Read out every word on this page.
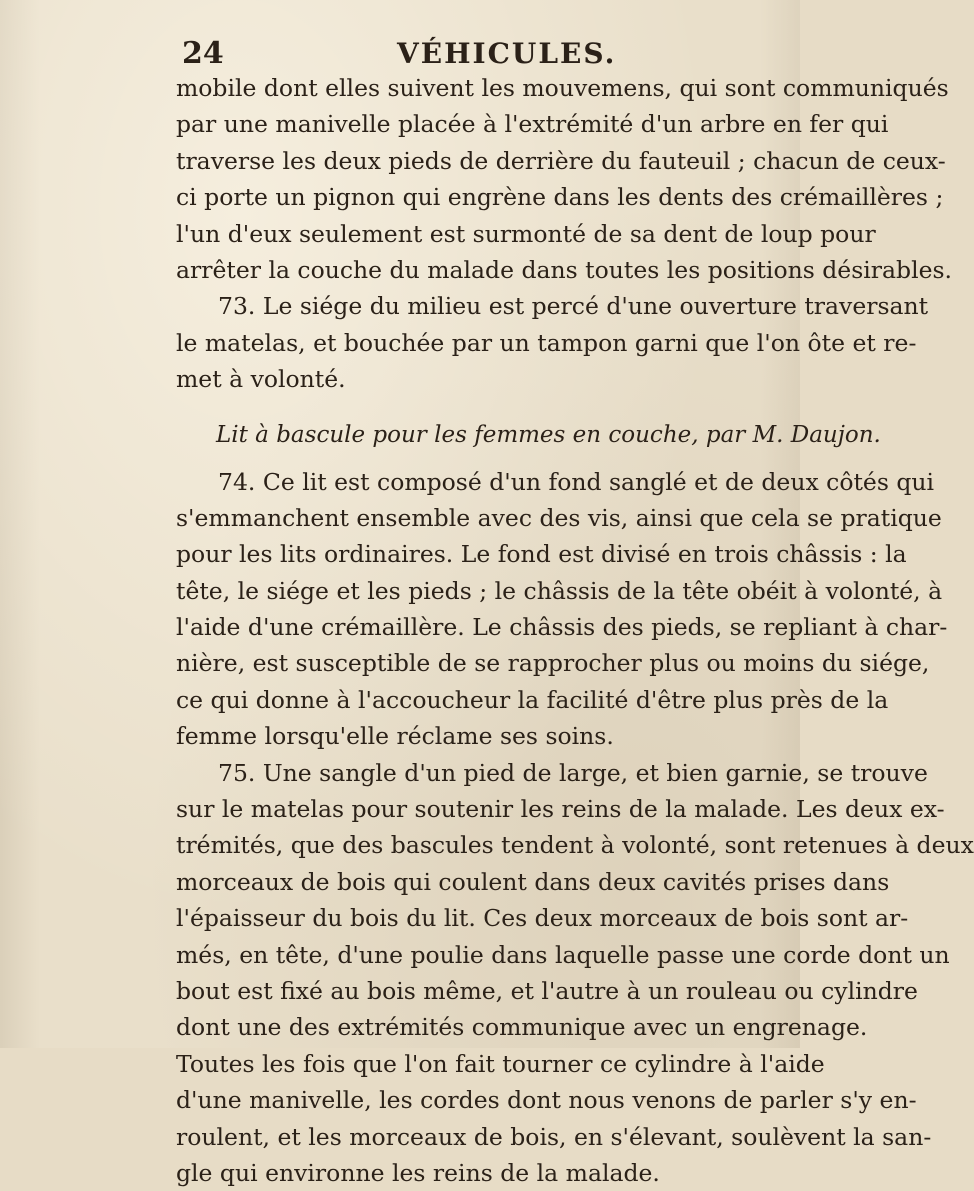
24	VÉHICULES.
mobile dont elles suivent les mouvemens, qui sont communiqués
par une manivelle placée à l'extrémité d'un arbre en fer qui
traverse les deux pieds de derrière du fauteuil ; chacun de ceux-
ci porte un pignon qui engrène dans les dents des crémaillères ;
l'un d'eux seulement est surmonté de sa dent de loup pour
arrêter la couche du malade dans toutes les positions désirables.
73. Le siége du milieu est percé d'une ouverture traversant
le matelas, et bouchée par un tampon garni que l'on ôte et re-
met à volonté.
Lit à bascule pour les femmes en couche, par M. Daujon.
74. Ce lit est composé d'un fond sanglé et de deux côtés qui
s'emmanchent ensemble avec des vis, ainsi que cela se pratique
pour les lits ordinaires. Le fond est divisé en trois châssis : la
tête, le siége et les pieds ; le châssis de la tête obéit à volonté, à
l'aide d'une crémaillère. Le châssis des pieds, se repliant à char-
nière, est susceptible de se rapprocher plus ou moins du siége,
ce qui donne à l'accoucheur la facilité d'être plus près de la
femme lorsqu'elle réclame ses soins.
75. Une sangle d'un pied de large, et bien garnie, se trouve
sur le matelas pour soutenir les reins de la malade. Les deux ex-
trémités, que des bascules tendent à volonté, sont retenues à deux
morceaux de bois qui coulent dans deux cavités prises dans
l'épaisseur du bois du lit. Ces deux morceaux de bois sont ar-
més, en tête, d'une poulie dans laquelle passe une corde dont un
bout est fixé au bois même, et l'autre à un rouleau ou cylindre
dont une des extrémités communique avec un engrenage.
Toutes les fois que l'on fait tourner ce cylindre à l'aide
d'une manivelle, les cordes dont nous venons de parler s'y en-
roulent, et les morceaux de bois, en s'élevant, soulèvent la san-
gle qui environne les reins de la malade.
